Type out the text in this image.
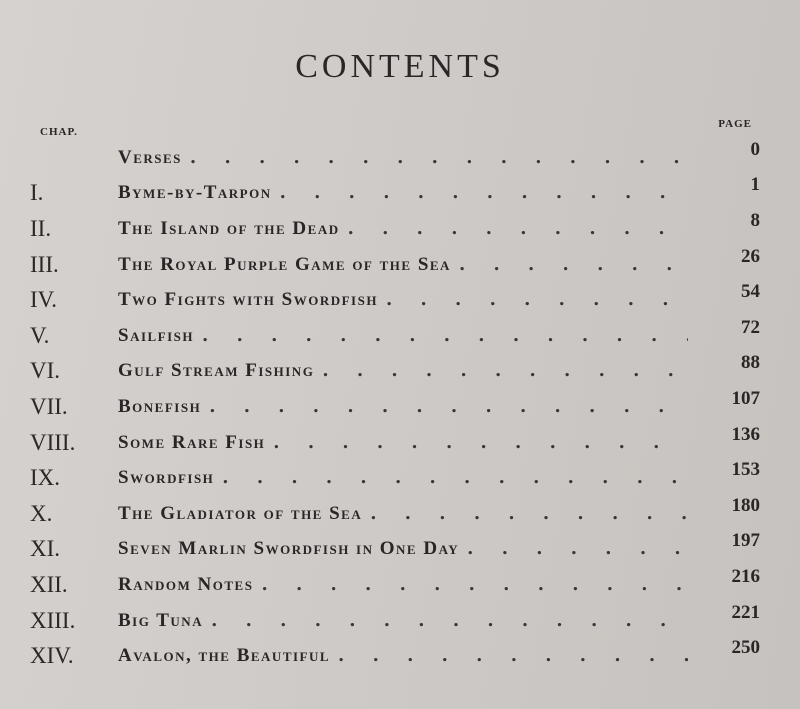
CONTENTS
CHAP.
PAGE
Verses . . .	0
I.	Byme-by-Tarpon . . .	1
II.	The Island of the Dead . . .	8
III.	The Royal Purple Game of the Sea . . .	26
IV.	Two Fights with Swordfish . . .	54
V.	Sailfish . . .	72
VI.	Gulf Stream Fishing . . .	88
VII.	Bonefish . . .	107
VIII.	Some Rare Fish . . .	136
IX.	Swordfish . . .	153
X.	The Gladiator of the Sea . . .	180
XI.	Seven Marlin Swordfish in One Day . . .	197
XII.	Random Notes . . .	216
XIII.	Big Tuna . . .	221
XIV.	Avalon, the Beautiful . . .	250
